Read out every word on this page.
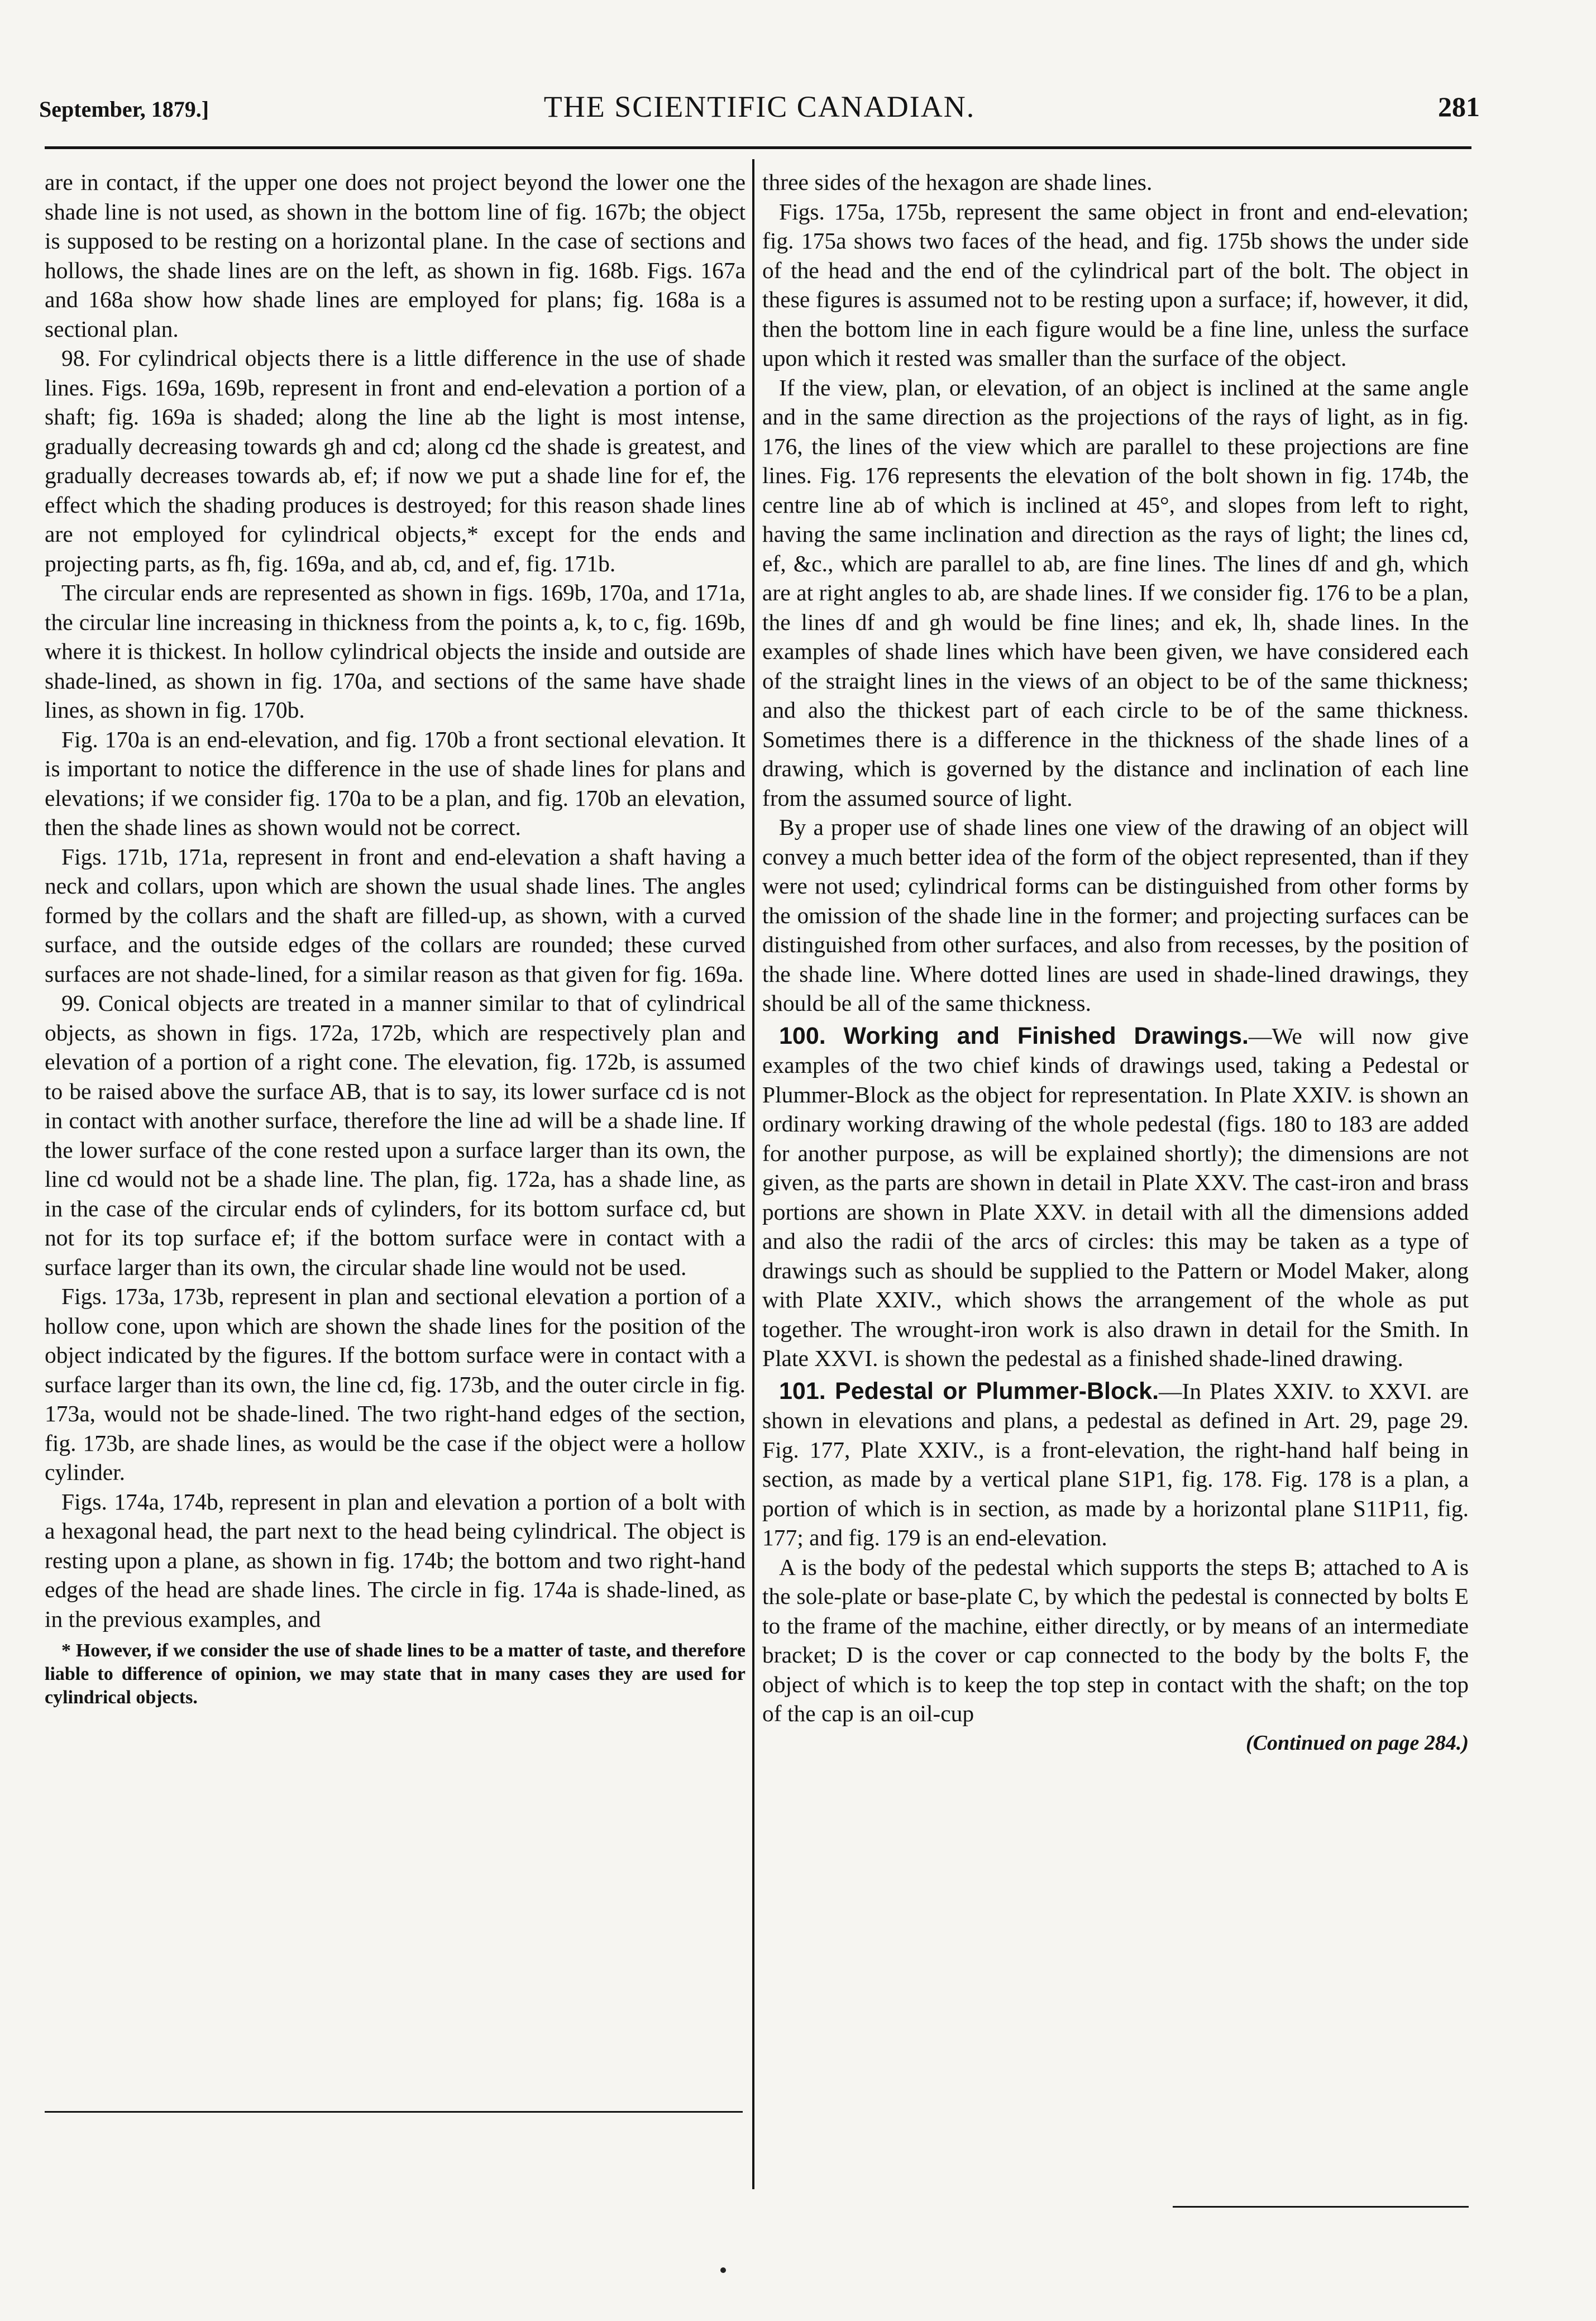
September, 1879.]	THE SCIENTIFIC CANADIAN.	281

are in contact, if the upper one does not project beyond the lower one the shade line is not used, as shown in the bottom line of fig. 167b; the object is supposed to be resting on a horizontal plane. In the case of sections and hollows, the shade lines are on the left, as shown in fig. 168b. Figs. 167a and 168a show how shade lines are employed for plans; fig. 168a is a sectional plan.

98. For cylindrical objects there is a little difference in the use of shade lines. Figs. 169a, 169b, represent in front and end-elevation a portion of a shaft; fig. 169a is shaded; along the line ab the light is most intense, gradually decreasing towards gh and cd; along cd the shade is greatest, and gradually decreases towards ab, ef; if now we put a shade line for ef, the effect which the shading produces is destroyed; for this reason shade lines are not employed for cylindrical objects,* except for the ends and projecting parts, as fh, fig. 169a, and ab, cd, and ef, fig. 171b.

The circular ends are represented as shown in figs. 169b, 170a, and 171a, the circular line increasing in thickness from the points a, k, to c, fig. 169b, where it is thickest. In hollow cylindrical objects the inside and outside are shade-lined, as shown in fig. 170a, and sections of the same have shade lines, as shown in fig. 170b.

Fig. 170a is an end-elevation, and fig. 170b a front sectional elevation. It is important to notice the difference in the use of shade lines for plans and elevations; if we consider fig. 170a to be a plan, and fig. 170b an elevation, then the shade lines as shown would not be correct.

Figs. 171b, 171a, represent in front and end-elevation a shaft having a neck and collars, upon which are shown the usual shade lines. The angles formed by the collars and the shaft are filled-up, as shown, with a curved surface, and the outside edges of the collars are rounded; these curved surfaces are not shade-lined, for a similar reason as that given for fig. 169a.

99. Conical objects are treated in a manner similar to that of cylindrical objects, as shown in figs. 172a, 172b, which are respectively plan and elevation of a portion of a right cone. The elevation, fig. 172b, is assumed to be raised above the surface AB, that is to say, its lower surface cd is not in contact with another surface, therefore the line ad will be a shade line. If the lower surface of the cone rested upon a surface larger than its own, the line cd would not be a shade line. The plan, fig. 172a, has a shade line, as in the case of the circular ends of cylinders, for its bottom surface cd, but not for its top surface ef; if the bottom surface were in contact with a surface larger than its own, the circular shade line would not be used.

Figs. 173a, 173b, represent in plan and sectional elevation a portion of a hollow cone, upon which are shown the shade lines for the position of the object indicated by the figures. If the bottom surface were in contact with a surface larger than its own, the line cd, fig. 173b, and the outer circle in fig. 173a, would not be shade-lined. The two right-hand edges of the section, fig. 173b, are shade lines, as would be the case if the object were a hollow cylinder.

Figs. 174a, 174b, represent in plan and elevation a portion of a bolt with a hexagonal head, the part next to the head being cylindrical. The object is resting upon a plane, as shown in fig. 174b; the bottom and two right-hand edges of the head are shade lines. The circle in fig. 174a is shade-lined, as in the previous examples, and

* However, if we consider the use of shade lines to be a matter of taste, and therefore liable to difference of opinion, we may state that in many cases they are used for cylindrical objects.

three sides of the hexagon are shade lines.

Figs. 175a, 175b, represent the same object in front and end-elevation; fig. 175a shows two faces of the head, and fig. 175b shows the under side of the head and the end of the cylindrical part of the bolt. The object in these figures is assumed not to be resting upon a surface; if, however, it did, then the bottom line in each figure would be a fine line, unless the surface upon which it rested was smaller than the surface of the object.

If the view, plan, or elevation, of an object is inclined at the same angle and in the same direction as the projections of the rays of light, as in fig. 176, the lines of the view which are parallel to these projections are fine lines. Fig. 176 represents the elevation of the bolt shown in fig. 174b, the centre line ab of which is inclined at 45°, and slopes from left to right, having the same inclination and direction as the rays of light; the lines cd, ef, &c., which are parallel to ab, are fine lines. The lines df and gh, which are at right angles to ab, are shade lines. If we consider fig. 176 to be a plan, the lines df and gh would be fine lines; and ek, lh, shade lines. In the examples of shade lines which have been given, we have considered each of the straight lines in the views of an object to be of the same thickness; and also the thickest part of each circle to be of the same thickness. Sometimes there is a difference in the thickness of the shade lines of a drawing, which is governed by the distance and inclination of each line from the assumed source of light.

By a proper use of shade lines one view of the drawing of an object will convey a much better idea of the form of the object represented, than if they were not used; cylindrical forms can be distinguished from other forms by the omission of the shade line in the former; and projecting surfaces can be distinguished from other surfaces, and also from recesses, by the position of the shade line. Where dotted lines are used in shade-lined drawings, they should be all of the same thickness.

100. Working and Finished Drawings.—We will now give examples of the two chief kinds of drawings used, taking a Pedestal or Plummer-Block as the object for representation. In Plate XXIV. is shown an ordinary working drawing of the whole pedestal (figs. 180 to 183 are added for another purpose, as will be explained shortly); the dimensions are not given, as the parts are shown in detail in Plate XXV. The cast-iron and brass portions are shown in Plate XXV. in detail with all the dimensions added and also the radii of the arcs of circles: this may be taken as a type of drawings such as should be supplied to the Pattern or Model Maker, along with Plate XXIV., which shows the arrangement of the whole as put together. The wrought-iron work is also drawn in detail for the Smith. In Plate XXVI. is shown the pedestal as a finished shade-lined drawing.

101. Pedestal or Plummer-Block.—In Plates XXIV. to XXVI. are shown in elevations and plans, a pedestal as defined in Art. 29, page 29. Fig. 177, Plate XXIV., is a front-elevation, the right-hand half being in section, as made by a vertical plane S1P1, fig. 178. Fig. 178 is a plan, a portion of which is in section, as made by a horizontal plane S11P11, fig. 177; and fig. 179 is an end-elevation.

A is the body of the pedestal which supports the steps B; attached to A is the sole-plate or base-plate C, by which the pedestal is connected by bolts E to the frame of the machine, either directly, or by means of an intermediate bracket; D is the cover or cap connected to the body by the bolts F, the object of which is to keep the top step in contact with the shaft; on the top of the cap is an oil-cup

(Continued on page 284.)
